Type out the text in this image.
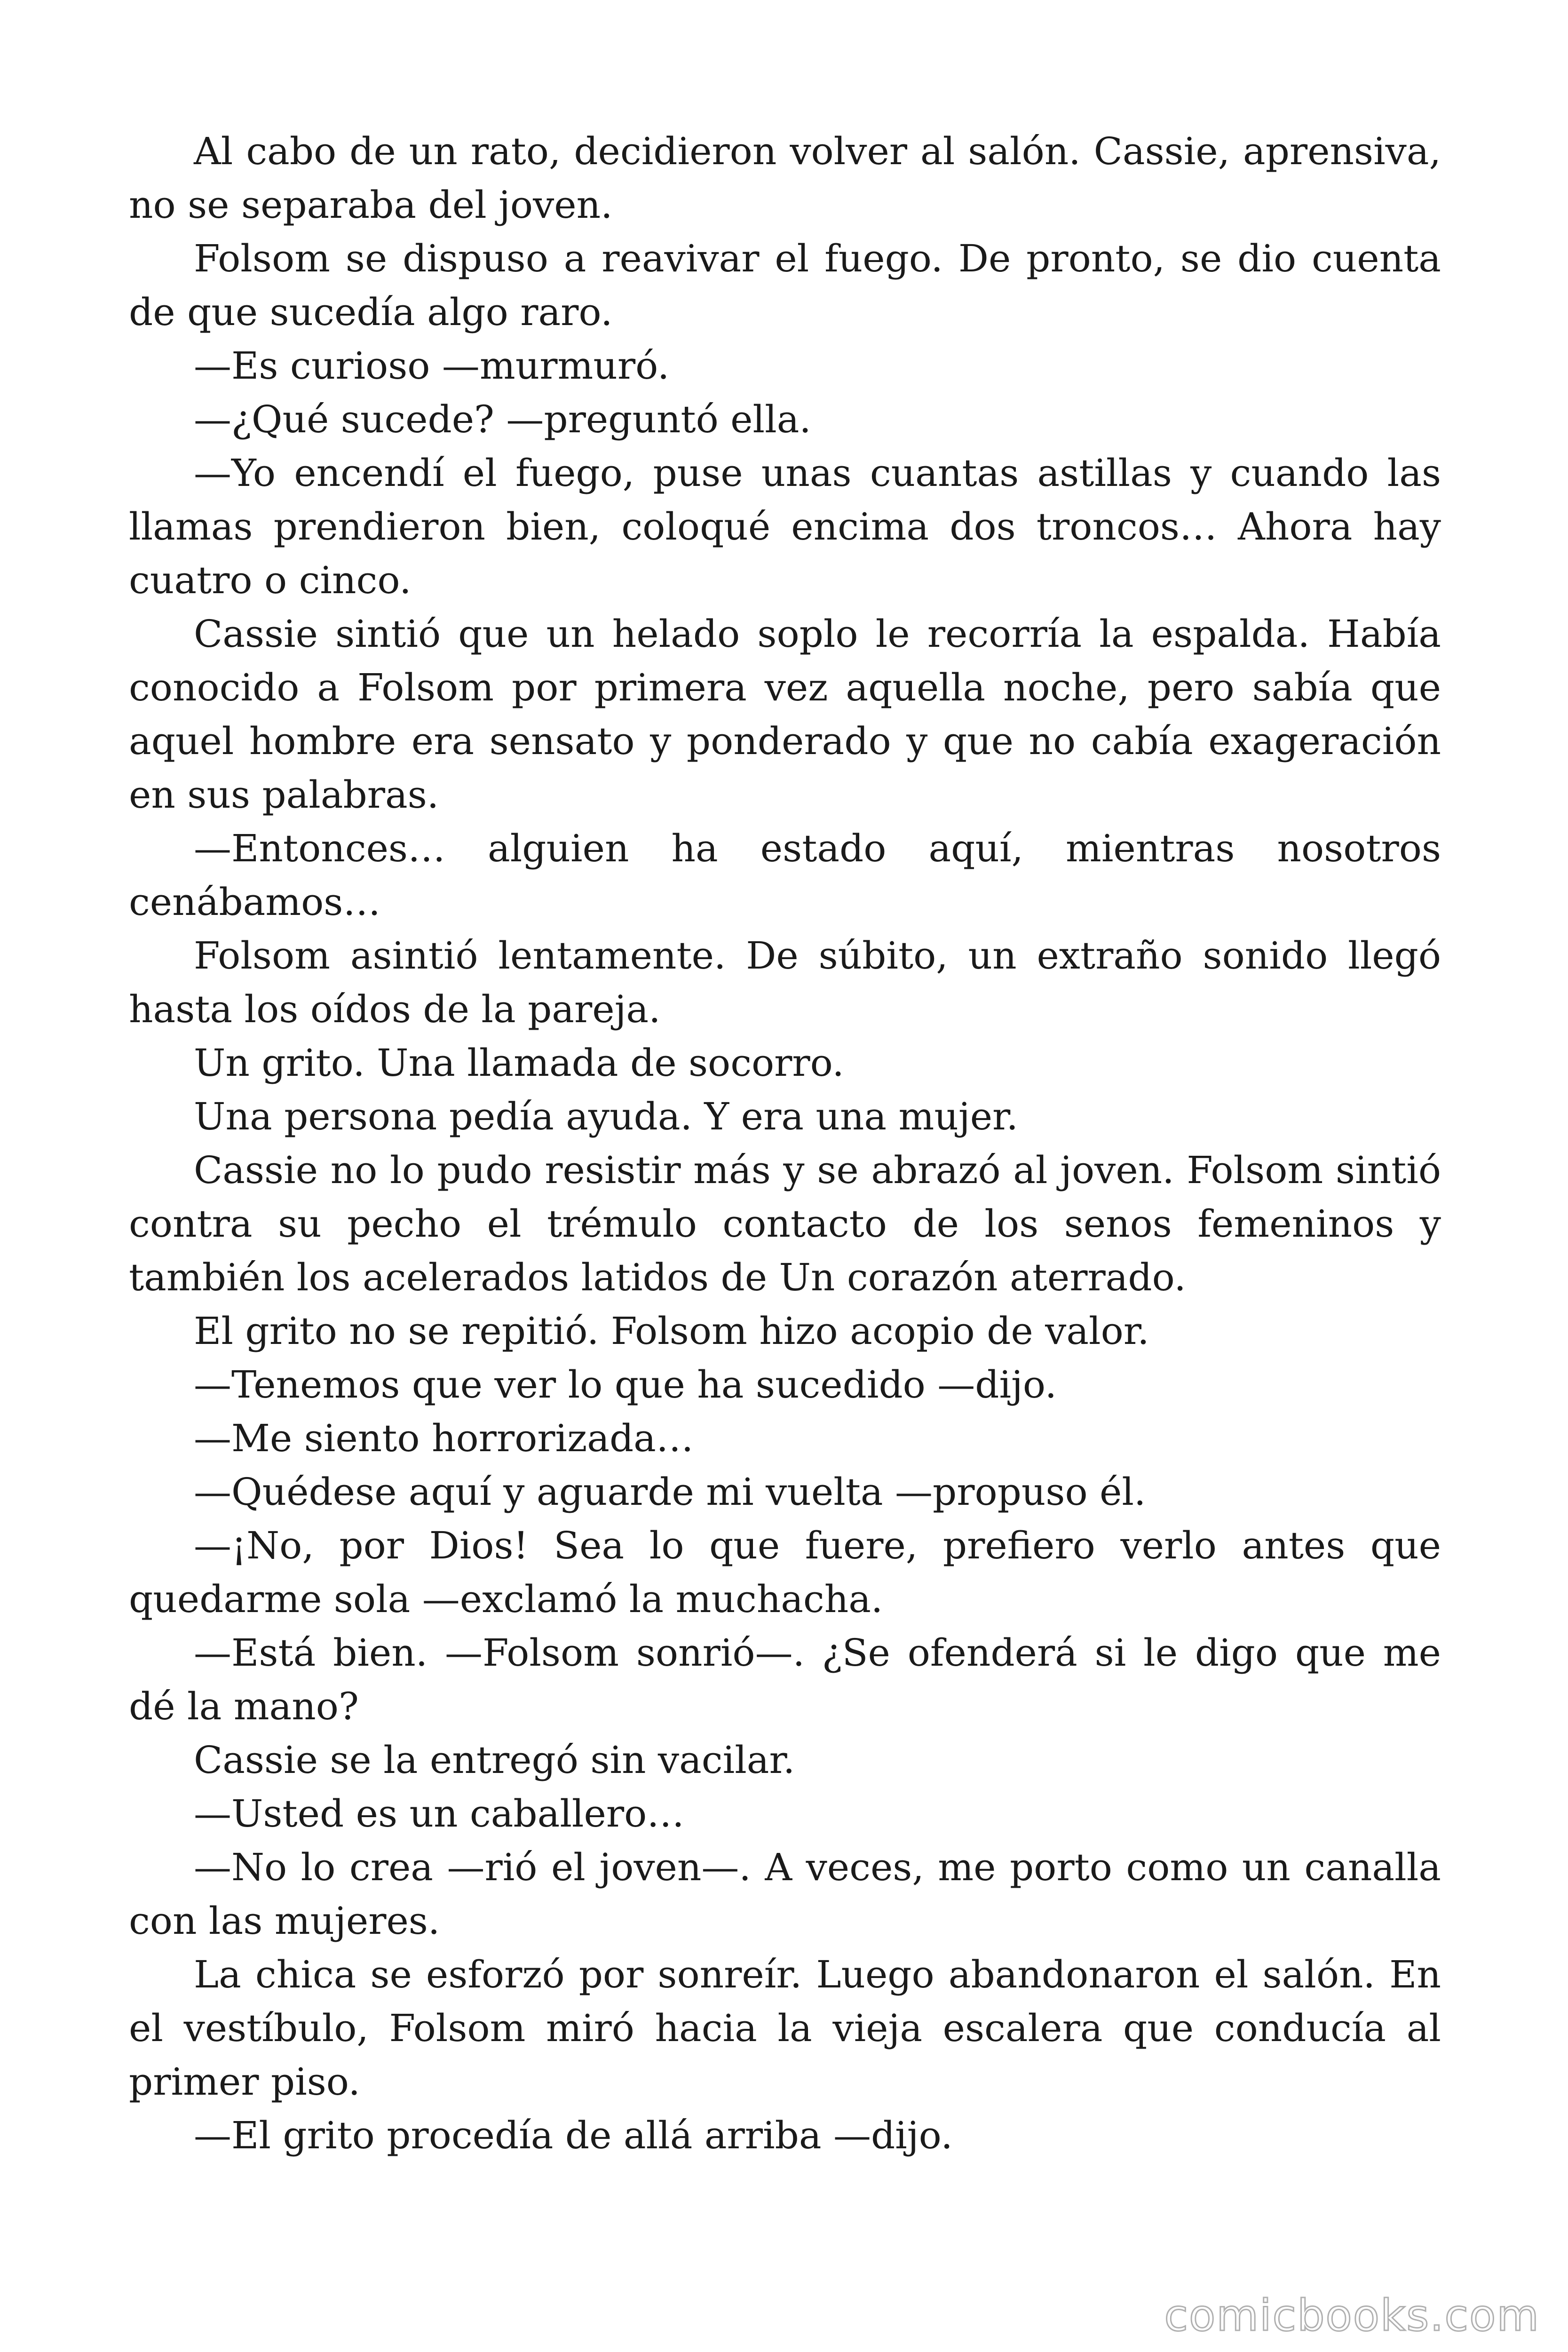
Al cabo de un rato, decidieron volver al salón. Cassie, aprensiva, no se separaba del joven.

Folsom se dispuso a reavivar el fuego. De pronto, se dio cuenta de que sucedía algo raro.

—Es curioso —murmuró.

—¿Qué sucede? —preguntó ella.

—Yo encendí el fuego, puse unas cuantas astillas y cuando las llamas prendieron bien, coloqué encima dos troncos… Ahora hay cuatro o cinco.

Cassie sintió que un helado soplo le recorría la espalda. Había conocido a Folsom por primera vez aquella noche, pero sabía que aquel hombre era sensato y ponderado y que no cabía exageración en sus palabras.

—Entonces… alguien ha estado aquí, mientras nosotros cenábamos…

Folsom asintió lentamente. De súbito, un extraño sonido llegó hasta los oídos de la pareja.

Un grito. Una llamada de socorro.

Una persona pedía ayuda. Y era una mujer.

Cassie no lo pudo resistir más y se abrazó al joven. Folsom sintió contra su pecho el trémulo contacto de los senos femeninos y también los acelerados latidos de Un corazón aterrado.

El grito no se repitió. Folsom hizo acopio de valor.

—Tenemos que ver lo que ha sucedido —dijo.

—Me siento horrorizada…

—Quédese aquí y aguarde mi vuelta —propuso él.

—¡No, por Dios! Sea lo que fuere, prefiero verlo antes que quedarme sola —exclamó la muchacha.

—Está bien. —Folsom sonrió—. ¿Se ofenderá si le digo que me dé la mano?

Cassie se la entregó sin vacilar.

—Usted es un caballero…

—No lo crea —rió el joven—. A veces, me porto como un canalla con las mujeres.

La chica se esforzó por sonreír. Luego abandonaron el salón. En el vestíbulo, Folsom miró hacia la vieja escalera que conducía al primer piso.

—El grito procedía de allá arriba —dijo.

comicbooks.com
